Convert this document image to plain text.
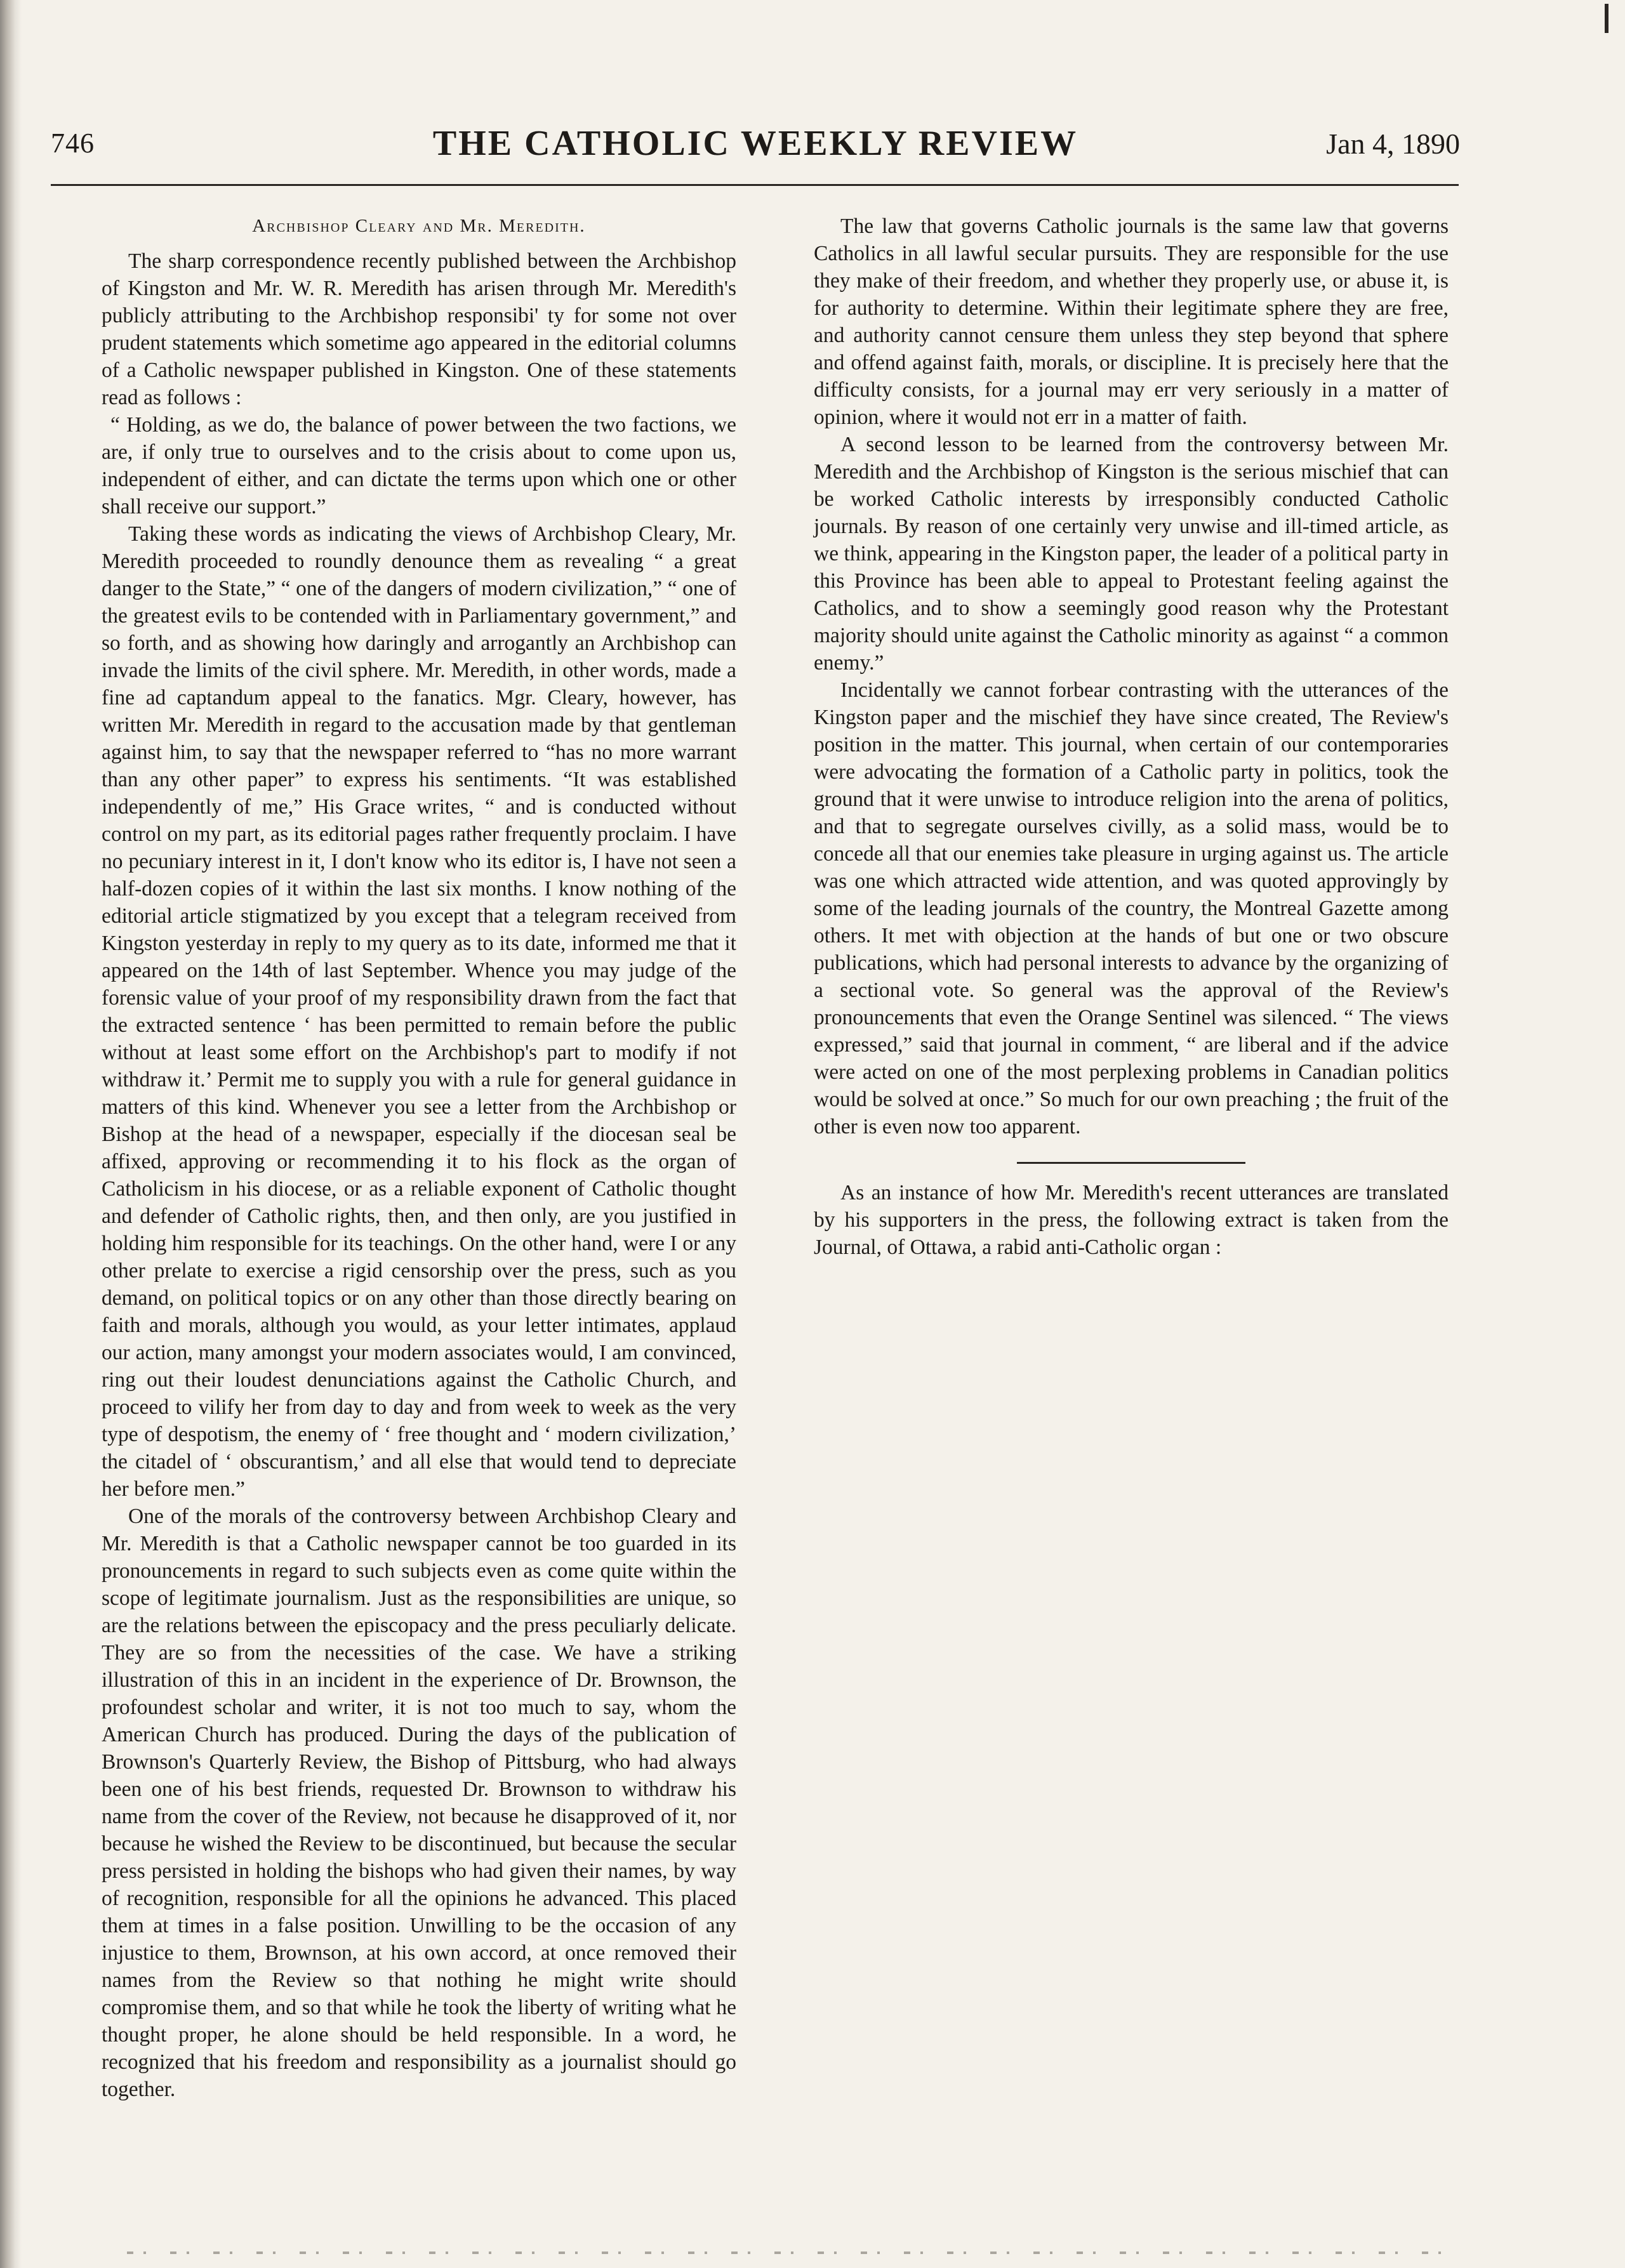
746	THE CATHOLIC WEEKLY REVIEW	Jan 4, 1890
Archbishop Cleary and Mr. Meredith.

The sharp correspondence recently published between the Archbishop of Kingston and Mr. W. R. Meredith has arisen through Mr. Meredith's publicly attributing to the Archbishop responsibi' ty for some not over prudent statements which sometime ago appeared in the editorial columns of a Catholic newspaper published in Kingston. One of these statements read as follows :

“ Holding, as we do, the balance of power between the two factions, we are, if only true to ourselves and to the crisis about to come upon us, independent of either, and can dictate the terms upon which one or other shall receive our support.”

Taking these words as indicating the views of Archbishop Cleary, Mr. Meredith proceeded to roundly denounce them as revealing “ a great danger to the State,” “ one of the dangers of modern civilization,” “ one of the greatest evils to be contended with in Parliamentary government,” and so forth, and as showing how daringly and arrogantly an Archbishop can invade the limits of the civil sphere. Mr. Meredith, in other words, made a fine ad captandum appeal to the fanatics. Mgr. Cleary, however, has written Mr. Meredith in regard to the accusation made by that gentleman against him, to say that the newspaper referred to “has no more warrant than any other paper” to express his sentiments. “It was established independently of me,” His Grace writes, “ and is conducted without control on my part, as its editorial pages rather frequently proclaim. I have no pecuniary interest in it, I don't know who its editor is, I have not seen a half-dozen copies of it within the last six months. I know nothing of the editorial article stigmatized by you except that a telegram received from Kingston yesterday in reply to my query as to its date, informed me that it appeared on the 14th of last September. Whence you may judge of the forensic value of your proof of my responsibility drawn from the fact that the extracted sentence ‘ has been permitted to remain before the public without at least some effort on the Archbishop's part to modify if not withdraw it.’ Permit me to supply you with a rule for general guidance in matters of this kind. Whenever you see a letter from the Archbishop or Bishop at the head of a newspaper, especially if the diocesan seal be affixed, approving or recommending it to his flock as the organ of Catholicism in his diocese, or as a reliable exponent of Catholic thought and defender of Catholic rights, then, and then only, are you justified in holding him responsible for its teachings. On the other hand, were I or any other prelate to exercise a rigid censorship over the press, such as you demand, on political topics or on any other than those directly bearing on faith and morals, although you would, as your letter intimates, applaud our action, many amongst your modern associates would, I am convinced, ring out their loudest denunciations against the Catholic Church, and proceed to vilify her from day to day and from week to week as the very type of despotism, the enemy of ‘ free thought and ‘ modern civilization,’ the citadel of ‘ obscurantism,’ and all else that would tend to depreciate her before men.”

One of the morals of the controversy between Archbishop Cleary and Mr. Meredith is that a Catholic newspaper cannot be too guarded in its pronouncements in regard to such subjects even as come quite within the scope of legitimate journalism. Just as the responsibilities are unique, so are the relations between the episcopacy and the press peculiarly delicate. They are so from the necessities of the case. We have a striking illustration of this in an incident in the experience of Dr. Brownson, the profoundest scholar and writer, it is not too much to say, whom the American Church has produced. During the days of the publication of Brownson's Quarterly Review, the Bishop of Pittsburg, who had always been one of his best friends, requested Dr. Brownson to withdraw his name from the cover of the Review, not because he disapproved of it, nor because he wished the Review to be discontinued, but because the secular press persisted in holding the bishops who had given their names, by way of recognition, responsible for all the opinions he advanced. This placed them at times in a false position. Unwilling to be the occasion of any injustice to them, Brownson, at his own accord, at once removed their names from the Review so that nothing he might write should compromise them, and so that while he took the liberty of writing what he thought proper, he alone should be held responsible. In a word, he recognized that his freedom and responsibility as a journalist should go together.

The law that governs Catholic journals is the same law that governs Catholics in all lawful secular pursuits. They are responsible for the use they make of their freedom, and whether they properly use, or abuse it, is for authority to determine. Within their legitimate sphere they are free, and authority cannot censure them unless they step beyond that sphere and offend against faith, morals, or discipline. It is precisely here that the difficulty consists, for a journal may err very seriously in a matter of opinion, where it would not err in a matter of faith.

A second lesson to be learned from the controversy between Mr. Meredith and the Archbishop of Kingston is the serious mischief that can be worked Catholic interests by irresponsibly conducted Catholic journals. By reason of one certainly very unwise and ill-timed article, as we think, appearing in the Kingston paper, the leader of a political party in this Province has been able to appeal to Protestant feeling against the Catholics, and to show a seemingly good reason why the Protestant majority should unite against the Catholic minority as against “ a common enemy.”

Incidentally we cannot forbear contrasting with the utterances of the Kingston paper and the mischief they have since created, The Review's position in the matter. This journal, when certain of our contemporaries were advocating the formation of a Catholic party in politics, took the ground that it were unwise to introduce religion into the arena of politics, and that to segregate ourselves civilly, as a solid mass, would be to concede all that our enemies take pleasure in urging against us. The article was one which attracted wide attention, and was quoted approvingly by some of the leading journals of the country, the Montreal Gazette among others. It met with objection at the hands of but one or two obscure publications, which had personal interests to advance by the organizing of a sectional vote. So general was the approval of the Review's pronouncements that even the Orange Sentinel was silenced. “ The views expressed,” said that journal in comment, “ are liberal and if the advice were acted on one of the most perplexing problems in Canadian politics would be solved at once.” So much for our own preaching ; the fruit of the other is even now too apparent.

As an instance of how Mr. Meredith's recent utterances are translated by his supporters in the press, the following extract is taken from the Journal, of Ottawa, a rabid anti-Catholic organ :
